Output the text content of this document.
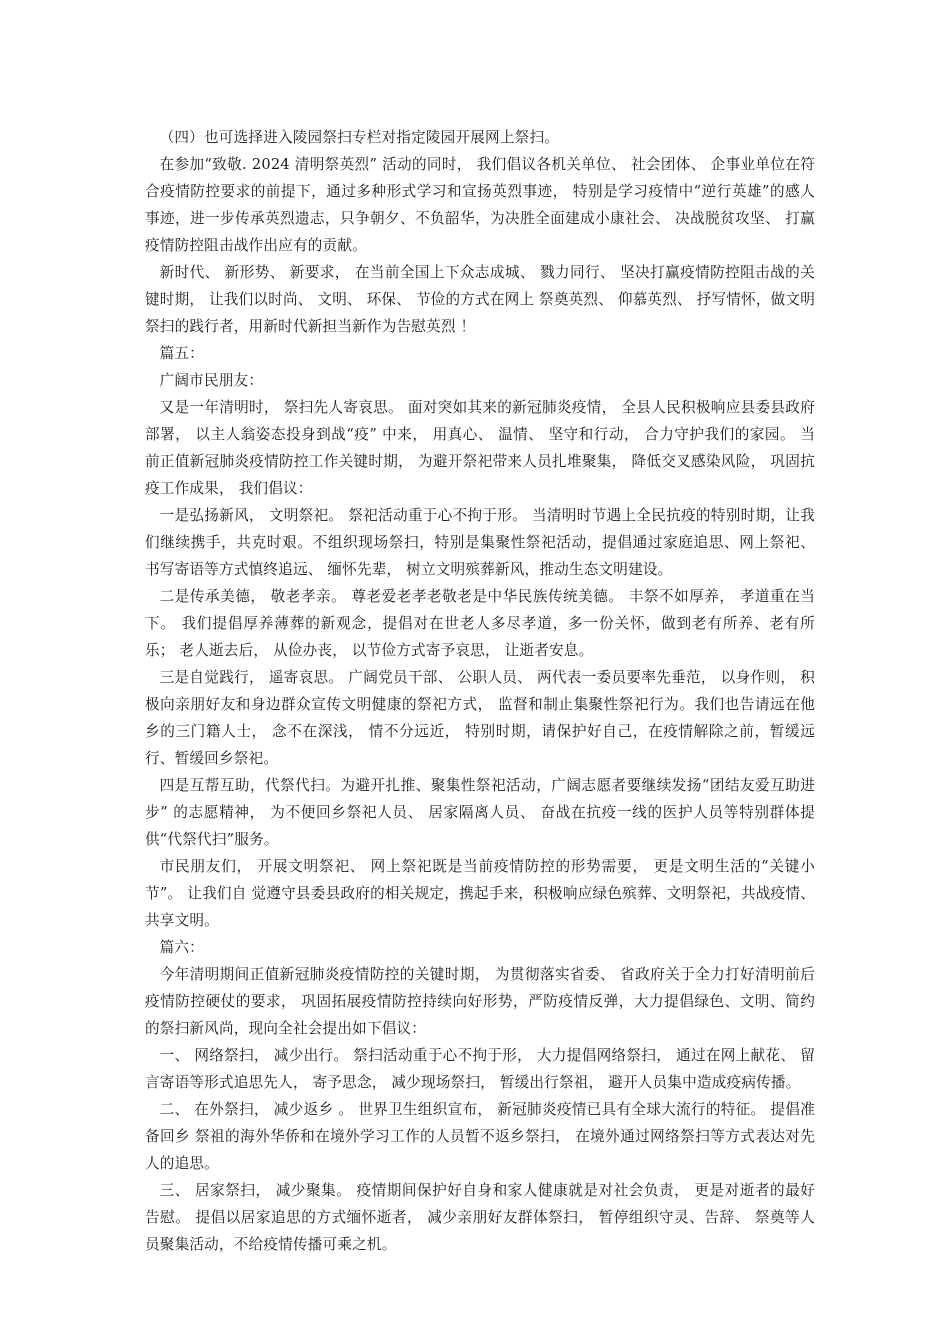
（四）也可选择进入陵园祭扫专栏对指定陵园开展网上祭扫。

在参加“致敬. 2024 清明祭英烈” 活动的同时， 我们倡议各机关单位、 社会团体、 企事业单位在符合疫情防控要求的前提下，通过多种形式学习和宣扬英烈事迹， 特别是学习疫情中“逆行英雄”的感人事迹，进一步传承英烈遗志，只争朝夕、不负韶华，为决胜全面建成小康社会、 决战脱贫攻坚、 打赢疫情防控阻击战作出应有的贡献。

新时代、 新形势、 新要求， 在当前全国上下众志成城、 戮力同行、 坚决打赢疫情防控阻击战的关键时期， 让我们以时尚、 文明、 环保、 节俭的方式在网上 祭奠英烈、 仰慕英烈、 抒写情怀，做文明祭扫的践行者，用新时代新担当新作为告慰英烈 ！

篇五：

广阔市民朋友：

又是一年清明时， 祭扫先人寄哀思。 面对突如其来的新冠肺炎疫情， 全县人民积极响应县委县政府部署， 以主人翁姿态投身到战“疫” 中来， 用真心、 温情、 坚守和行动， 合力守护我们的家园。 当前正值新冠肺炎疫情防控工作关键时期， 为避开祭祀带来人员扎堆聚集， 降低交叉感染风险， 巩固抗疫工作成果， 我们倡议：

一是弘扬新风， 文明祭祀。 祭祀活动重于心不拘于形。 当清明时节遇上全民抗疫的特别时期，让我们继续携手，共克时艰。不组织现场祭扫，特别是集聚性祭祀活动，提倡通过家庭追思、网上祭祀、 书写寄语等方式慎终追远、 缅怀先辈， 树立文明殡葬新风，推动生态文明建设。

二是传承美德， 敬老孝亲。 尊老爱老孝老敬老是中华民族传统美德。 丰祭不如厚养， 孝道重在当下。 我们提倡厚养薄葬的新观念，提倡对在世老人多尽孝道，多一份关怀，做到老有所养、老有所乐； 老人逝去后， 从俭办丧， 以节俭方式寄予哀思， 让逝者安息。

三是自觉践行， 遥寄哀思。 广阔党员干部、 公职人员、 两代表一委员要率先垂范， 以身作则， 积极向亲朋好友和身边群众宣传文明健康的祭祀方式， 监督和制止集聚性祭祀行为。我们也告请远在他乡的三门籍人士， 念不在深浅， 情不分远近， 特别时期，请保护好自己，在疫情解除之前，暂缓远行、暂缓回乡祭祀。

四是互帮互助，代祭代扫。为避开扎推、聚集性祭祀活动，广阔志愿者要继续发扬“团结友爱互助进步” 的志愿精神， 为不便回乡祭祀人员、 居家隔离人员、 奋战在抗疫一线的医护人员等特别群体提供“代祭代扫”服务。

市民朋友们， 开展文明祭祀、 网上祭祀既是当前疫情防控的形势需要， 更是文明生活的“关键小节”。 让我们自 觉遵守县委县政府的相关规定，携起手来，积极响应绿色殡葬、文明祭祀，共战疫情、共享文明。

篇六：

今年清明期间正值新冠肺炎疫情防控的关键时期， 为贯彻落实省委、 省政府关于全力打好清明前后疫情防控硬仗的要求， 巩固拓展疫情防控持续向好形势，严防疫情反弹，大力提倡绿色、文明、简约的祭扫新风尚，现向全社会提出如下倡议：

一、 网络祭扫， 减少出行。 祭扫活动重于心不拘于形， 大力提倡网络祭扫， 通过在网上献花、 留言寄语等形式追思先人， 寄予思念， 减少现场祭扫， 暂缓出行祭祖， 避开人员集中造成疫病传播。

二、 在外祭扫， 减少返乡 。 世界卫生组织宣布， 新冠肺炎疫情已具有全球大流行的特征。 提倡准备回乡 祭祖的海外华侨和在境外学习工作的人员暂不返乡祭扫， 在境外通过网络祭扫等方式表达对先人的追思。

三、 居家祭扫， 减少聚集。 疫情期间保护好自身和家人健康就是对社会负责， 更是对逝者的最好告慰。 提倡以居家追思的方式缅怀逝者， 减少亲朋好友群体祭扫， 暂停组织守灵、告辞、 祭奠等人员聚集活动，不给疫情传播可乘之机。
